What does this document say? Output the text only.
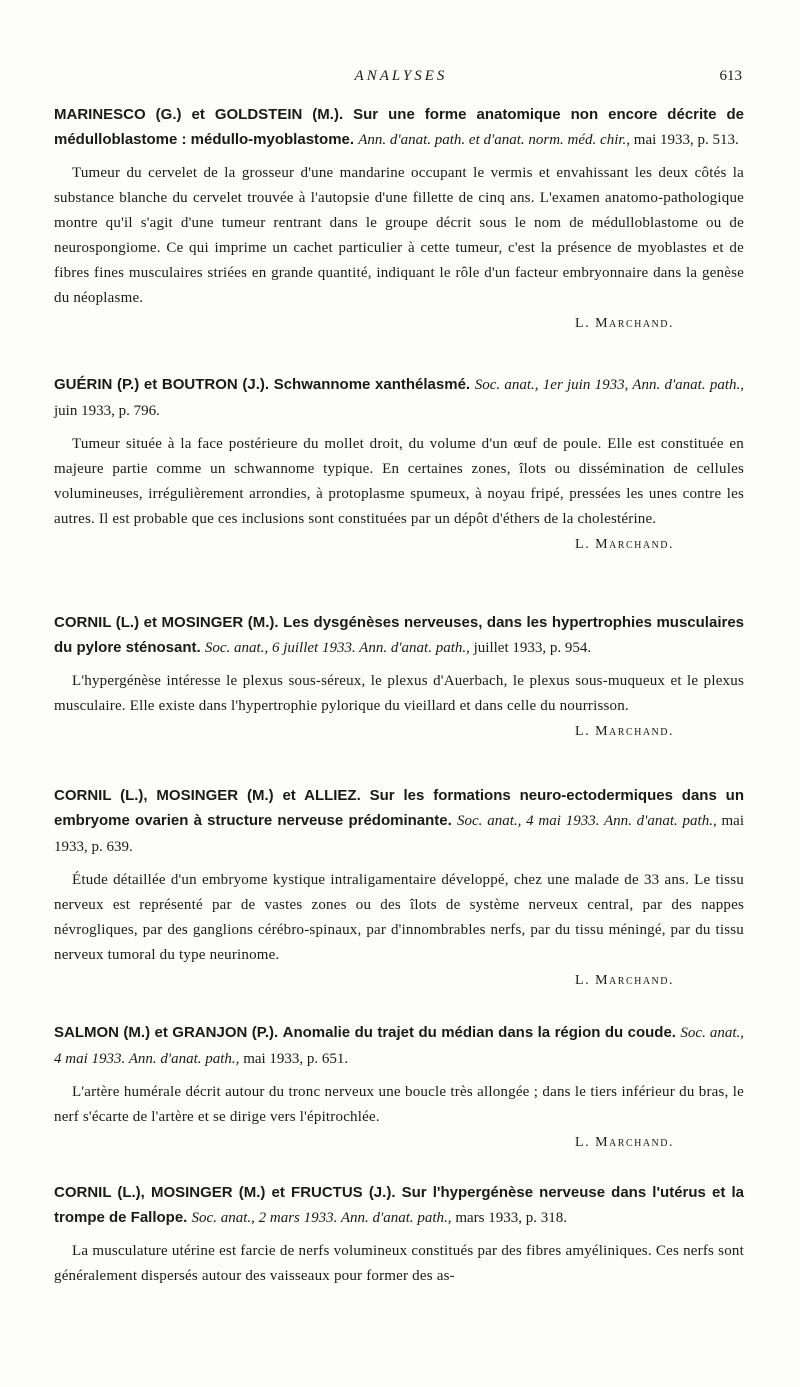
ANALYSES	613
MARINESCO (G.) et GOLDSTEIN (M.). Sur une forme anatomique non encore décrite de médulloblastome : médullo-myoblastome. Ann. d'anat. path. et d'anat. norm. méd. chir., mai 1933, p. 513.
Tumeur du cervelet de la grosseur d'une mandarine occupant le vermis et envahissant les deux côtés la substance blanche du cervelet trouvée à l'autopsie d'une fillette de cinq ans. L'examen anatomo-pathologique montre qu'il s'agit d'une tumeur rentrant dans le groupe décrit sous le nom de médulloblastome ou de neurospongiome. Ce qui imprime un cachet particulier à cette tumeur, c'est la présence de myoblastes et de fibres fines musculaires striées en grande quantité, indiquant le rôle d'un facteur embryonnaire dans la genèse du néoplasme.
L. Marchand.
GUÉRIN (P.) et BOUTRON (J.). Schwannome xanthélasmé. Soc. anat., 1er juin 1933, Ann. d'anat. path., juin 1933, p. 796.
Tumeur située à la face postérieure du mollet droit, du volume d'un œuf de poule. Elle est constituée en majeure partie comme un schwannome typique. En certaines zones, îlots ou dissémination de cellules volumineuses, irrégulièrement arrondies, à protoplasme spumeux, à noyau fripé, pressées les unes contre les autres. Il est probable que ces inclusions sont constituées par un dépôt d'éthers de la cholestérine.
L. Marchand.
CORNIL (L.) et MOSINGER (M.). Les dysgénèses nerveuses, dans les hypertrophies musculaires du pylore sténosant. Soc. anat., 6 juillet 1933. Ann. d'anat. path., juillet 1933, p. 954.
L'hypergénèse intéresse le plexus sous-séreux, le plexus d'Auerbach, le plexus sous-muqueux et le plexus musculaire. Elle existe dans l'hypertrophie pylorique du vieillard et dans celle du nourrisson.
L. Marchand.
CORNIL (L.), MOSINGER (M.) et ALLIEZ. Sur les formations neuro-ectodermiques dans un embryome ovarien à structure nerveuse prédominante. Soc. anat., 4 mai 1933. Ann. d'anat. path., mai 1933, p. 639.
Étude détaillée d'un embryome kystique intraligamentaire développé, chez une malade de 33 ans. Le tissu nerveux est représenté par de vastes zones ou des îlots de système nerveux central, par des nappes névrogliques, par des ganglions cérébro-spinaux, par d'innombrables nerfs, par du tissu méningé, par du tissu nerveux tumoral du type neurinome.
L. Marchand.
SALMON (M.) et GRANJON (P.). Anomalie du trajet du médian dans la région du coude. Soc. anat., 4 mai 1933. Ann. d'anat. path., mai 1933, p. 651.
L'artère humérale décrit autour du tronc nerveux une boucle très allongée ; dans le tiers inférieur du bras, le nerf s'écarte de l'artère et se dirige vers l'épitrochlée.
L. Marchand.
CORNIL (L.), MOSINGER (M.) et FRUCTUS (J.). Sur l'hypergénèse nerveuse dans l'utérus et la trompe de Fallope. Soc. anat., 2 mars 1933. Ann. d'anat. path., mars 1933, p. 318.
La musculature utérine est farcie de nerfs volumineux constitués par des fibres amyéliniques. Ces nerfs sont généralement dispersés autour des vaisseaux pour former des as-
